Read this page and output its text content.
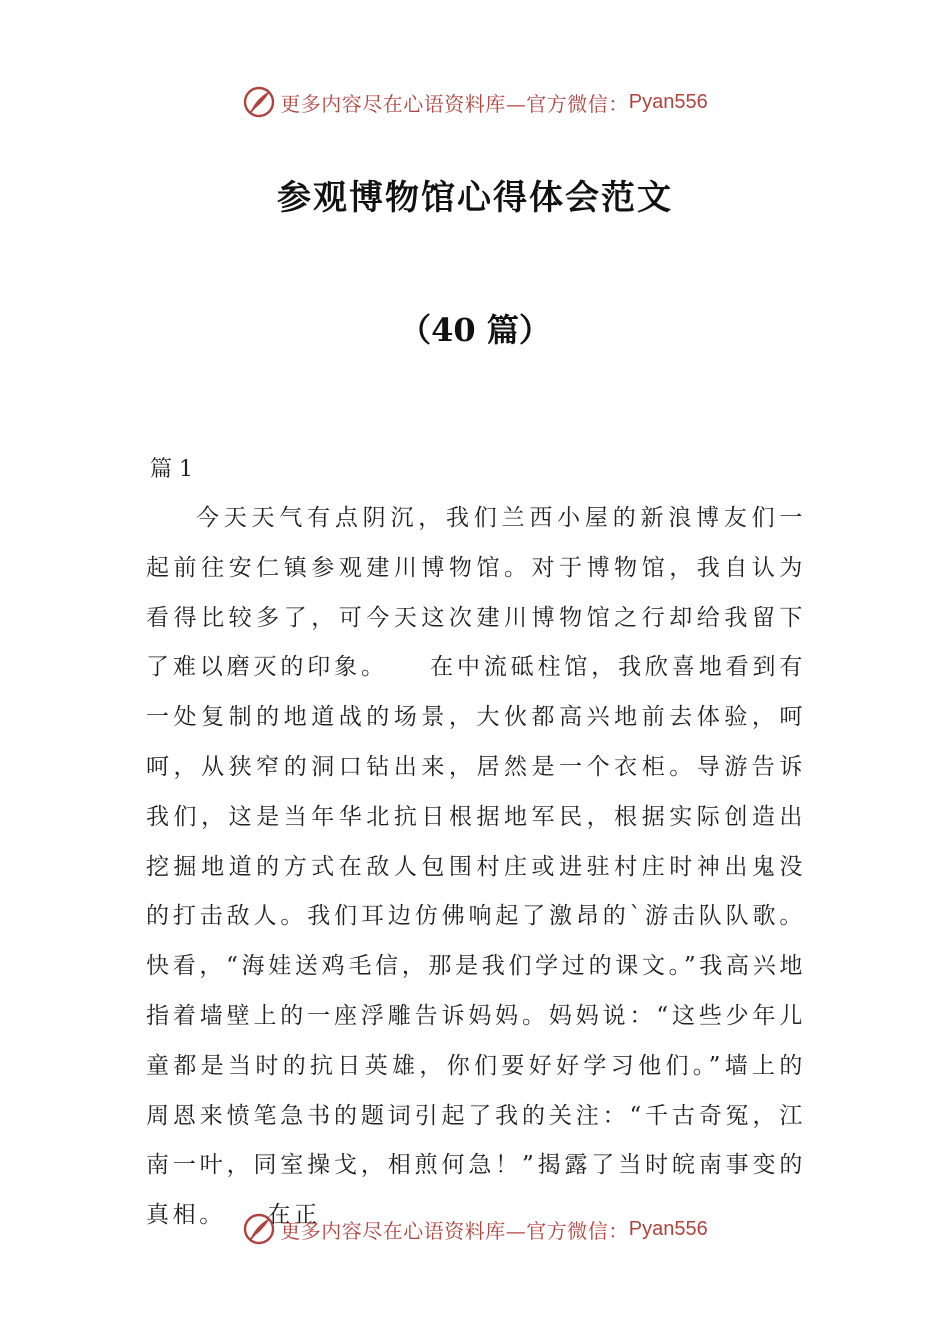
更多内容尽在心语资料库—官方微信： Pyan556
参观博物馆心得体会范文
（40 篇）
篇 1

今天天气有点阴沉，我们兰西小屋的新浪博友们一起前往安仁镇参观建川博物馆。对于博物馆，我自认为看得比较多了，可今天这次建川博物馆之行却给我留下了难以磨灭的印象。　　在中流砥柱馆，我欣喜地看到有一处复制的地道战的场景，大伙都高兴地前去体验，呵呵，从狭窄的洞口钻出来，居然是一个衣柜。导游告诉我们，这是当年华北抗日根据地军民，根据实际创造出挖掘地道的方式在敌人包围村庄或进驻村庄时神出鬼没的打击敌人。我们耳边仿佛响起了激昂的`游击队队歌。快看，“海娃送鸡毛信，那是我们学过的课文。”我高兴地指着墙壁上的一座浮雕告诉妈妈。妈妈说：“这些少年儿童都是当时的抗日英雄，你们要好好学习他们。”墙上的周恩来愤笔急书的题词引起了我的关注：“千古奇冤，江南一叶，同室操戈，相煎何急！”揭露了当时皖南事变的真相。　　在正

更多内容尽在心语资料库—官方微信： Pyan556
